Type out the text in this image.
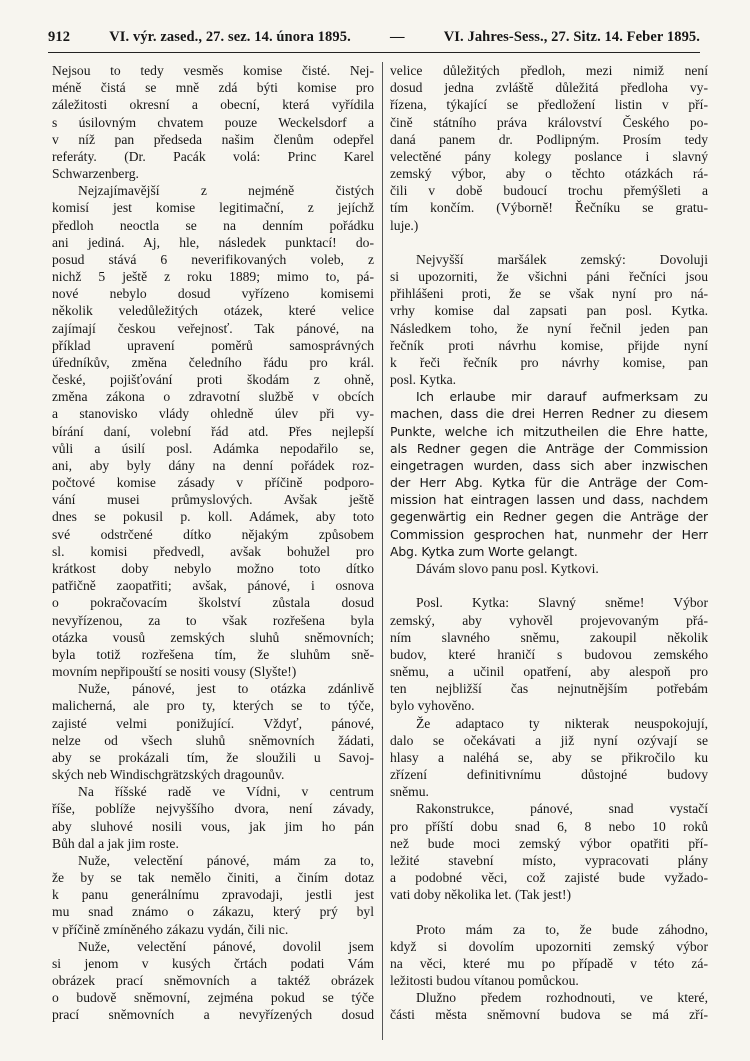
912	VI. výr. zased., 27. sez. 14. února 1895.	—	VI. Jahres-Sess., 27. Sitz. 14. Feber 1895.
Nejsou to tedy vesměs komise čisté. Nej-
méně čistá se mně zdá býti komise pro
záležitosti okresní a obecní, která vyřídila
s úsilovným chvatem pouze Weckelsdorf a
v níž pan předseda našim členům odepřel
referáty. (Dr. Pacák volá: Princ Karel
Schwarzenberg.
Nejzajímavější z nejméně čistých
komisí jest komise legitimační, z jejíchž
předloh neoctla se na denním pořádku
ani jediná. Aj, hle, následek punktací! do-
posud stává 6 neverifikovaných voleb, z
nichž 5 ještě z roku 1889; mimo to, pá-
nové nebylo dosud vyřízeno komisemi
několik veledůležitých otázek, které velice
zajímají českou veřejnosť. Tak pánové, na
příklad upravení poměrů samosprávných
úředníkův, změna čeledního řádu pro král.
české, pojišťování proti škodám z ohně,
změna zákona o zdravotní službě v obcích
a stanovisko vlády ohledně úlev při vy-
bírání daní, volební řád atd. Přes nejlepší
vůli a úsilí posl. Adámka nepodařilo se,
ani, aby byly dány na denní pořádek roz-
počtové komise zásady v příčině podporo-
vání musei průmyslových. Avšak ještě
dnes se pokusil p. koll. Adámek, aby toto
své odstrčené dítko nějakým způsobem
sl. komisi předvedl, avšak bohužel pro
krátkost doby nebylo možno toto dítko
patřičně zaopatřiti; avšak, pánové, i osnova
o pokračovacím školství zůstala dosud
nevyřízenou, za to však rozřešena byla
otázka vousů zemských sluhů sněmovních;
byla totiž rozřešena tím, že sluhům sně-
movním nepřipouští se nositi vousy (Slyšte!)
Nuže, pánové, jest to otázka zdánlivě
malicherná, ale pro ty, kterých se to týče,
zajisté velmi ponižující. Vždyť, pánové,
nelze od všech sluhů sněmovních žádati,
aby se prokázali tím, že sloužili u Savoj-
ských neb Windischgrätzských dragounův.
Na říšské radě ve Vídni, v centrum
říše, poblíže nejvyššího dvora, není závady,
aby sluhové nosili vous, jak jim ho pán
Bůh dal a jak jim roste.
Nuže, velectění pánové, mám za to,
že by se tak nemělo činiti, a činím dotaz
k panu generálnímu zpravodaji, jestli jest
mu snad známo o zákazu, který prý byl
v příčině zmíněného zákazu vydán, čili nic.
Nuže, velectění pánové, dovolil jsem
si jenom v kusých črtách podati Vám
obrázek prací sněmovních a taktéž obrázek
o budově sněmovní, zejména pokud se týče
prací sněmovních a nevyřízených dosud
velice důležitých předloh, mezi nimiž není
dosud jedna zvláště důležitá předloha vy-
řízena, týkající se předložení listin v pří-
čině státního práva království Českého po-
daná panem dr. Podlipným. Prosím tedy
velectěné pány kolegy poslance i slavný
zemský výbor, aby o těchto otázkách rá-
čili v době budoucí trochu přemýšleti a
tím končím. (Výborně! Řečníku se gratu-
luje.)
Nejvyšší maršálek zemský: Dovoluji
si upozorniti, že všichni páni řečníci jsou
přihlášeni proti, že se však nyní pro ná-
vrhy komise dal zapsati pan posl. Kytka.
Následkem toho, že nyní řečnil jeden pan
řečník proti návrhu komise, přijde nyní
k řeči řečník pro návrhy komise, pan
posl. Kytka.
Ich erlaube mir darauf aufmerksam zu
machen, dass die drei Herren Redner zu diesem
Punkte, welche ich mitzutheilen die Ehre hatte,
als Redner gegen die Anträge der Commission
eingetragen wurden, dass sich aber inzwischen
der Herr Abg. Kytka für die Anträge der Com-
mission hat eintragen lassen und dass, nachdem
gegenwärtig ein Redner gegen die Anträge der
Commission gesprochen hat, nunmehr der Herr
Abg. Kytka zum Worte gelangt.
Dávám slovo panu posl. Kytkovi.
Posl. Kytka: Slavný sněme! Výbor
zemský, aby vyhověl projevovaným přá-
ním slavného sněmu, zakoupil několik
budov, které hraničí s budovou zemského
sněmu, a učinil opatření, aby alespoň pro
ten nejbližší čas nejnutnějším potřebám
bylo vyhověno.
Že adaptaco ty nikterak neuspokojují,
dalo se očekávati a již nyní ozývají se
hlasy a naléhá se, aby se přikročilo ku
zřízení definitivnímu důstojné budovy
sněmu.
Rakonstrukce, pánové, snad vystačí
pro příští dobu snad 6, 8 nebo 10 roků
než bude moci zemský výbor opatřiti pří-
ležité stavební místo, vypracovati plány
a podobné věci, což zajisté bude vyžado-
vati doby několika let. (Tak jest!)
Proto mám za to, že bude záhodno,
když si dovolím upozorniti zemský výbor
na věci, které mu po případě v této zá-
ležitosti budou vítanou pomůckou.
Dlužno předem rozhodnouti, ve které,
části města sněmovní budova se má zří-
